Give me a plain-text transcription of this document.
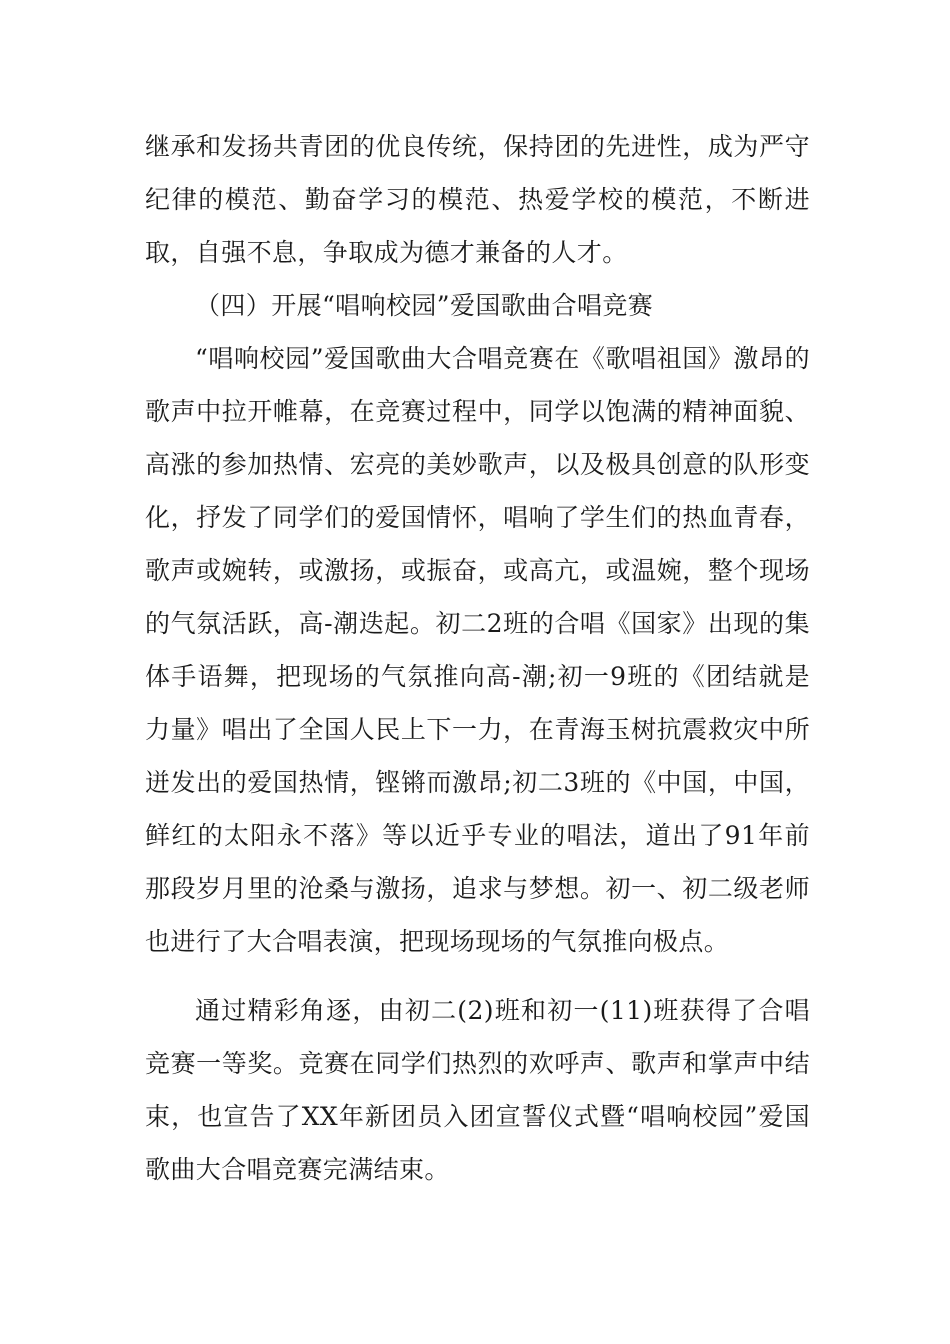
继承和发扬共青团的优良传统，保持团的先进性，成为严守纪律的模范、勤奋学习的模范、热爱学校的模范，不断进取，自强不息，争取成为德才兼备的人才。

（四）开展“唱响校园”爱国歌曲合唱竞赛

“唱响校园”爱国歌曲大合唱竞赛在《歌唱祖国》激昂的歌声中拉开帷幕，在竞赛过程中，同学以饱满的精神面貌、高涨的参加热情、宏亮的美妙歌声，以及极具创意的队形变化，抒发了同学们的爱国情怀，唱响了学生们的热血青春，歌声或婉转，或激扬，或振奋，或高亢，或温婉，整个现场的气氛活跃，高-潮迭起。初二2班的合唱《国家》出现的集体手语舞，把现场的气氛推向高-潮;初一9班的《团结就是力量》唱出了全国人民上下一力，在青海玉树抗震救灾中所迸发出的爱国热情，铿锵而激昂;初二3班的《中国，中国，鲜红的太阳永不落》等以近乎专业的唱法，道出了91年前那段岁月里的沧桑与激扬，追求与梦想。初一、初二级老师也进行了大合唱表演，把现场现场的气氛推向极点。

通过精彩角逐，由初二(2)班和初一(11)班获得了合唱竞赛一等奖。竞赛在同学们热烈的欢呼声、歌声和掌声中结束，也宣告了XX年新团员入团宣誓仪式暨“唱响校园”爱国歌曲大合唱竞赛完满结束。
